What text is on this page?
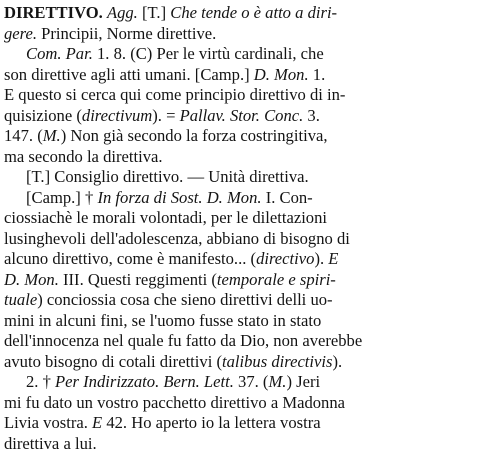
DIRETTIVO. Agg. [T.] Che tende o è atto a diri-
gere. Principii, Norme direttive.
Com. Par. 1. 8. (C) Per le virtù cardinali, che
son direttive agli atti umani. [Camp.] D. Mon. 1.
E questo si cerca qui come principio direttivo di in-
quisizione (directivum). = Pallav. Stor. Conc. 3.
147. (M.) Non già secondo la forza costringitiva,
ma secondo la direttiva.
[T.] Consiglio direttivo. — Unità direttiva.
[Camp.] † In forza di Sost. D. Mon. I. Con-
ciossiachè le morali volontadi, per le dilettazioni
lusinghevoli dell'adolescenza, abbiano di bisogno di
alcuno direttivo, come è manifesto... (directivo). E
D. Mon. III. Questi reggimenti (temporale e spiri-
tuale) conciossia cosa che sieno direttivi delli uo-
mini in alcuni fini, se l'uomo fusse stato in stato
dell'innocenza nel quale fu fatto da Dio, non averebbe
avuto bisogno di cotali direttivi (talibus directivis).
2. † Per Indirizzato. Bern. Lett. 37. (M.) Jeri
mi fu dato un vostro pacchetto direttivo a Madonna
Livia vostra. E 42. Ho aperto io la lettera vostra
direttiva a lui.
